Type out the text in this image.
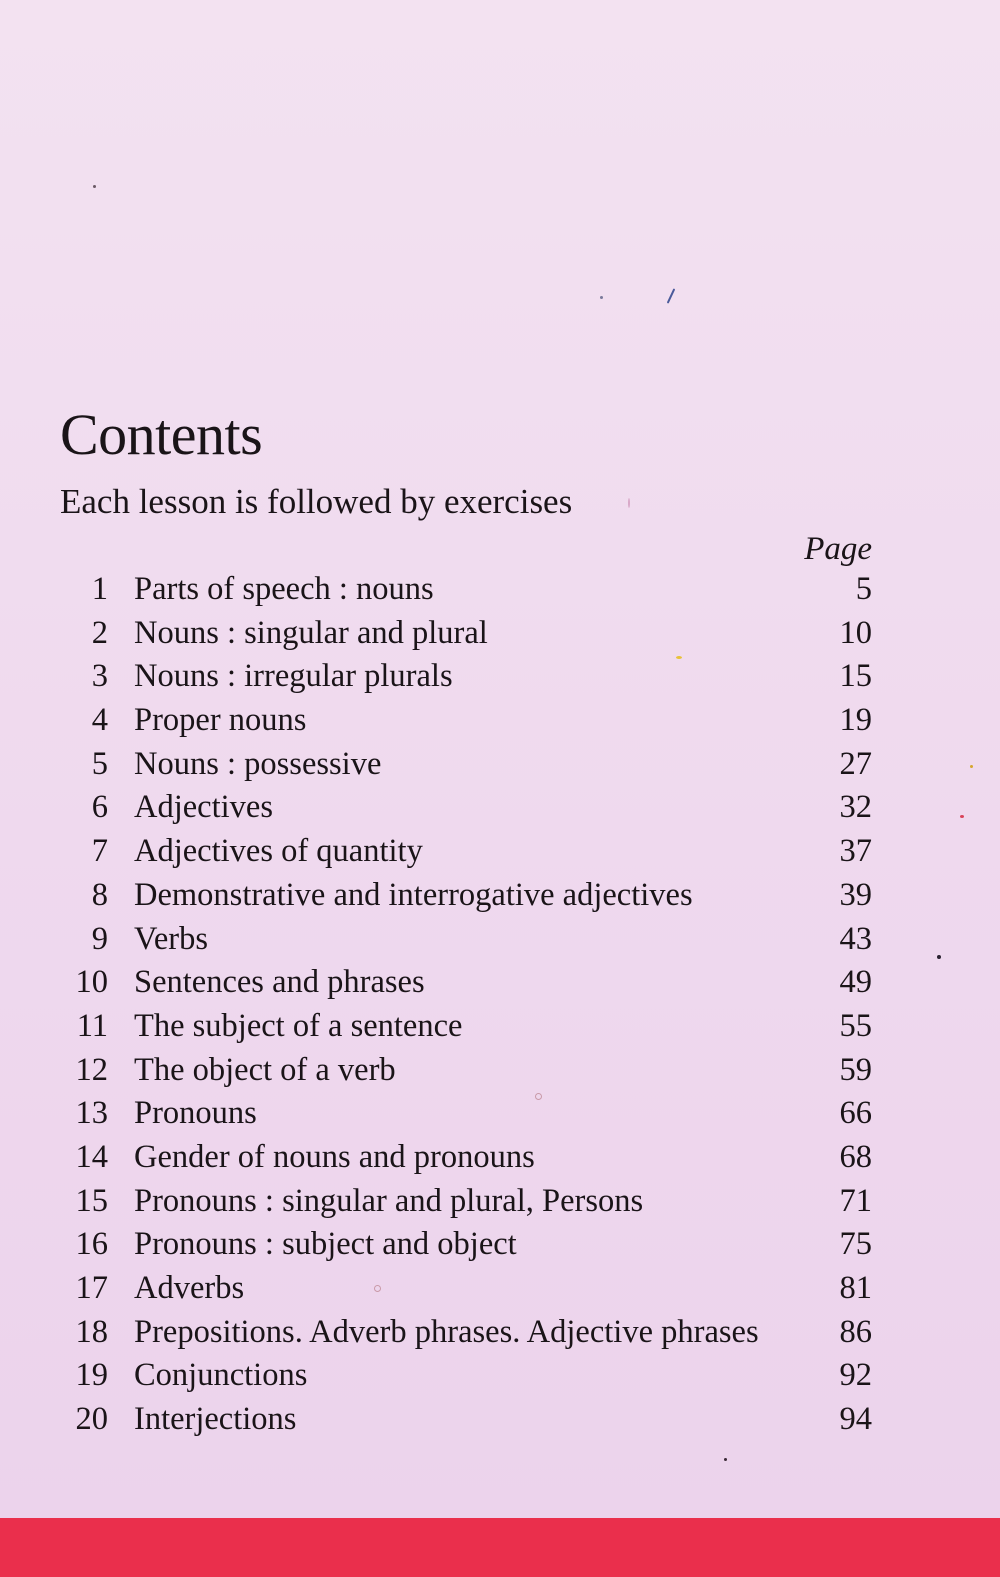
Contents

Each lesson is followed by exercises

Page
1 Parts of speech : nouns	5
2 Nouns : singular and plural	10
3 Nouns : irregular plurals	15
4 Proper nouns	19
5 Nouns : possessive	27
6 Adjectives	32
7 Adjectives of quantity	37
8 Demonstrative and interrogative adjectives	39
9 Verbs	43
10 Sentences and phrases	49
11 The subject of a sentence	55
12 The object of a verb	59
13 Pronouns	66
14 Gender of nouns and pronouns	68
15 Pronouns : singular and plural, Persons	71
16 Pronouns : subject and object	75
17 Adverbs	81
18 Prepositions. Adverb phrases. Adjective phrases 86
19 Conjunctions	92
20 Interjections	94
